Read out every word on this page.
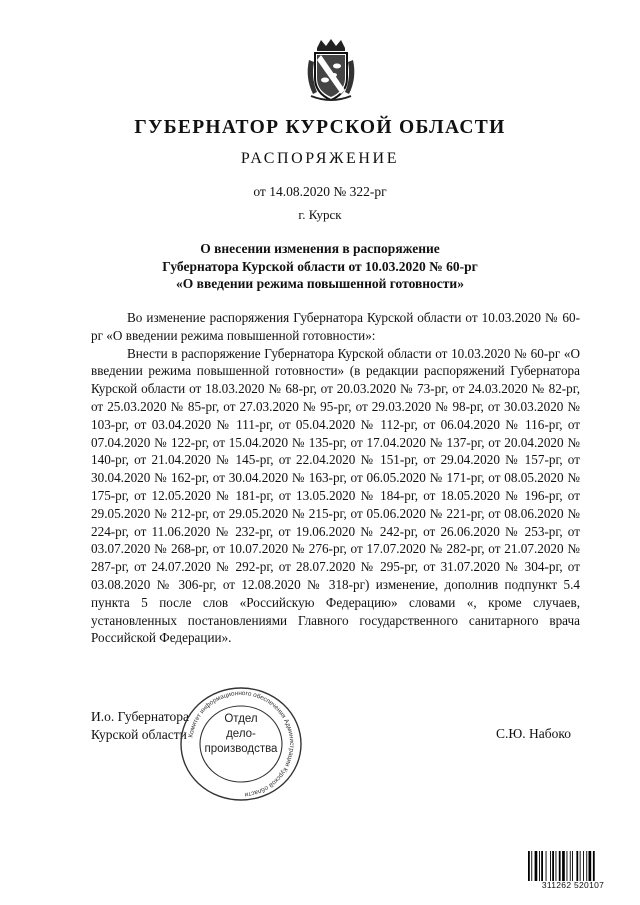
ГУБЕРНАТОР КУРСКОЙ ОБЛАСТИ
РАСПОРЯЖЕНИЕ
от 14.08.2020 № 322-рг
г. Курск
О внесении изменения в распоряжение
Губернатора Курской области от 10.03.2020 № 60-рг
«О введении режима повышенной готовности»

Во изменение распоряжения Губернатора Курской области от 10.03.2020 № 60-рг «О введении режима повышенной готовности»:

Внести в распоряжение Губернатора Курской области от 10.03.2020 № 60-рг «О введении режима повышенной готовности» (в редакции распоряжений Губернатора Курской области от 18.03.2020 № 68-рг, от 20.03.2020 № 73-рг, от 24.03.2020 № 82-рг, от 25.03.2020 № 85-рг, от 27.03.2020 № 95-рг, от 29.03.2020 № 98-рг, от 30.03.2020 № 103-рг, от 03.04.2020 № 111-рг, от 05.04.2020 № 112-рг, от 06.04.2020 № 116-рг, от 07.04.2020 № 122-рг, от 15.04.2020 № 135-рг, от 17.04.2020 № 137-рг, от 20.04.2020 № 140-рг, от 21.04.2020 № 145-рг, от 22.04.2020 № 151-рг, от 29.04.2020 № 157-рг, от 30.04.2020 № 162-рг, от 30.04.2020 № 163-рг, от 06.05.2020 № 171-рг, от 08.05.2020 № 175-рг, от 12.05.2020 № 181-рг, от 13.05.2020 № 184-рг, от 18.05.2020 № 196-рг, от 29.05.2020 № 212-рг, от 29.05.2020 № 215-рг, от 05.06.2020 № 221-рг, от 08.06.2020 № 224-рг, от 11.06.2020 № 232-рг, от 19.06.2020 № 242-рг, от 26.06.2020 № 253-рг, от 03.07.2020 № 268-рг, от 10.07.2020 № 276-рг, от 17.07.2020 № 282-рг, от 21.07.2020 № 287-рг, от 24.07.2020 № 292-рг, от 28.07.2020 № 295-рг, от 31.07.2020 № 304-рг, от 03.08.2020 № 306-рг, от 12.08.2020 № 318-рг) изменение, дополнив подпункт 5.4 пункта 5 после слов «Российскую Федерацию» словами «, кроме случаев, установленных постановлениями Главного государственного санитарного врача Российской Федерации».

И.о. Губернатора
Курской области Комитет информационного обеспечения Администрации Курской области
Отдел
дело-
производства
С.Ю. Набоко
311262 520107
